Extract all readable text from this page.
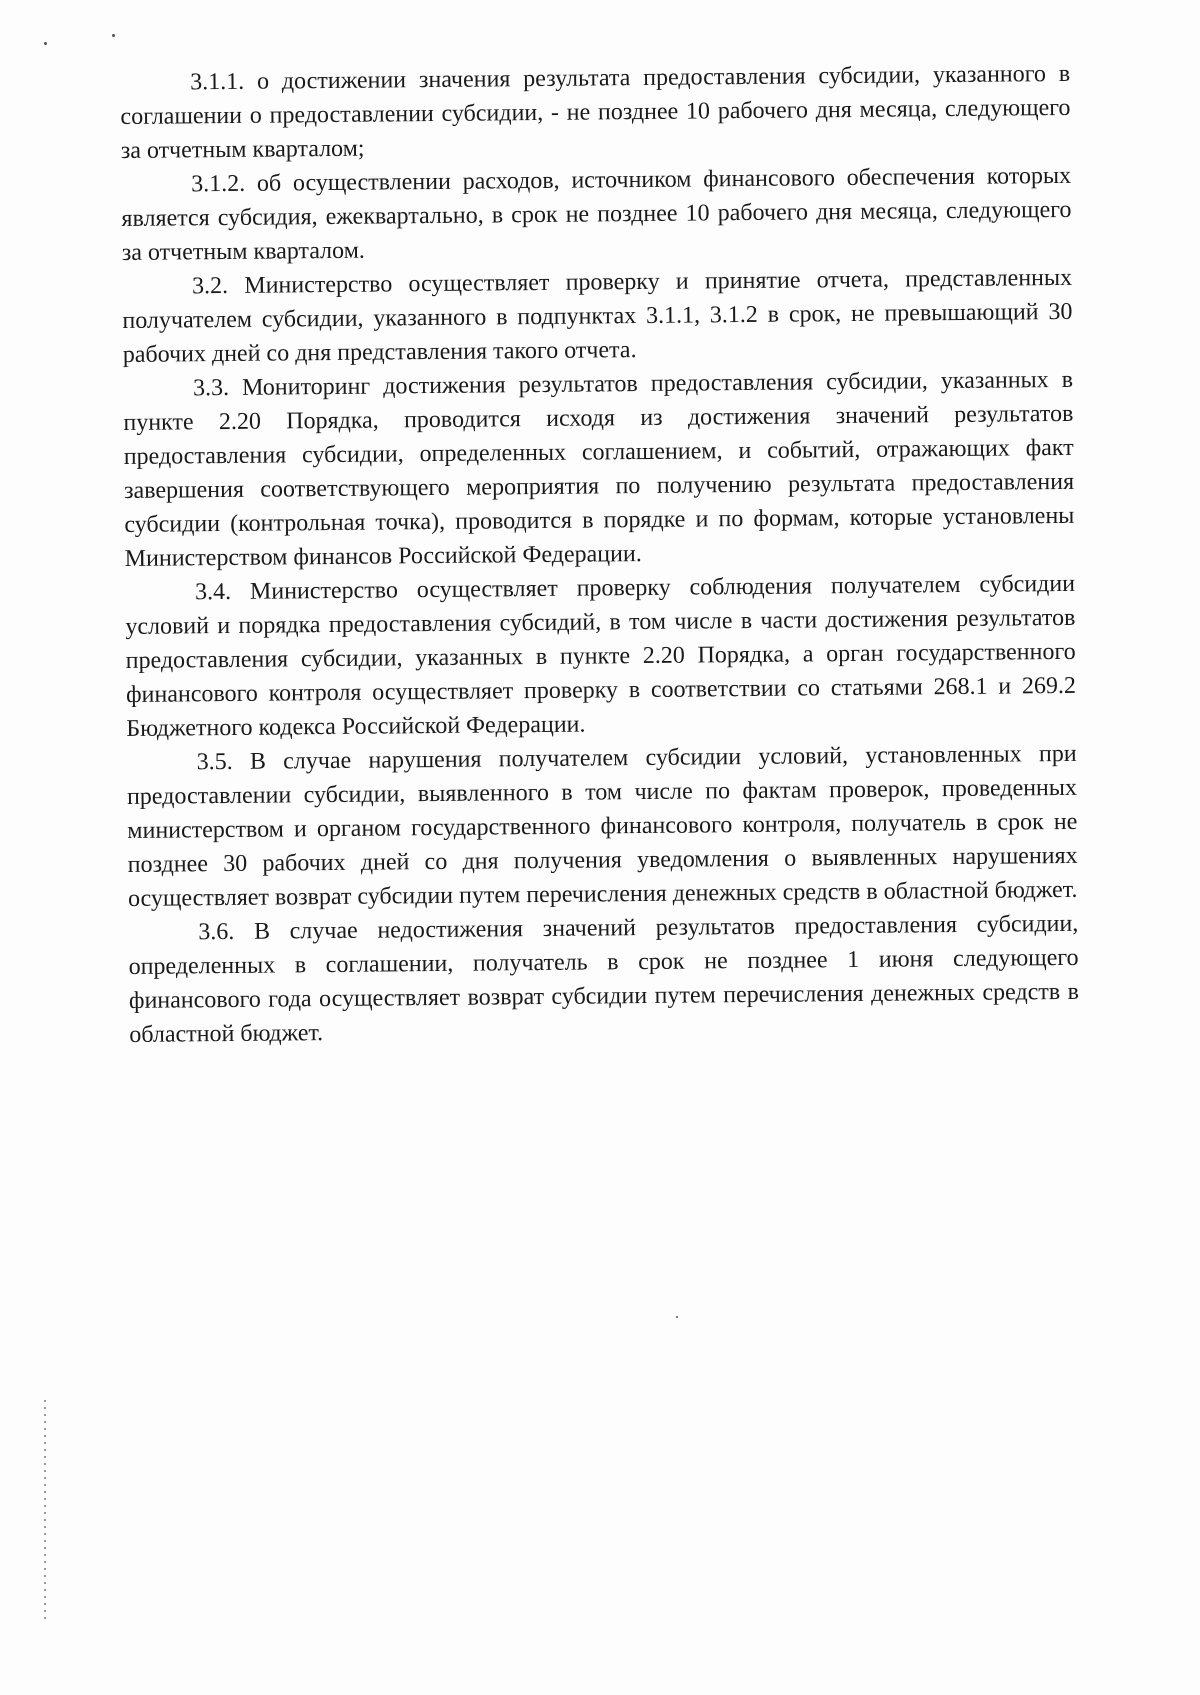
3.1.1. о достижении значения результата предоставления субсидии, указанного в соглашении о предоставлении субсидии, - не позднее 10 рабочего дня месяца, следующего за отчетным кварталом;

3.1.2. об осуществлении расходов, источником финансового обеспечения которых является субсидия, ежеквартально, в срок не позднее 10 рабочего дня месяца, следующего за отчетным кварталом.

3.2. Министерство осуществляет проверку и принятие отчета, представленных получателем субсидии, указанного в подпунктах 3.1.1, 3.1.2 в срок, не превышающий 30 рабочих дней со дня представления такого отчета.

3.3. Мониторинг достижения результатов предоставления субсидии, указанных в пункте 2.20 Порядка, проводится исходя из достижения значений результатов предоставления субсидии, определенных соглашением, и событий, отражающих факт завершения соответствующего мероприятия по получению результата предоставления субсидии (контрольная точка), проводится в порядке и по формам, которые установлены Министерством финансов Российской Федерации.

3.4. Министерство осуществляет проверку соблюдения получателем субсидии условий и порядка предоставления субсидий, в том числе в части достижения результатов предоставления субсидии, указанных в пункте 2.20 Порядка, а орган государственного финансового контроля осуществляет проверку в соответствии со статьями 268.1 и 269.2 Бюджетного кодекса Российской Федерации.

3.5. В случае нарушения получателем субсидии условий, установленных при предоставлении субсидии, выявленного в том числе по фактам проверок, проведенных министерством и органом государственного финансового контроля, получатель в срок не позднее 30 рабочих дней со дня получения уведомления о выявленных нарушениях осуществляет возврат субсидии путем перечисления денежных средств в областной бюджет.

3.6. В случае недостижения значений результатов предоставления субсидии, определенных в соглашении, получатель в срок не позднее 1 июня следующего финансового года осуществляет возврат субсидии путем перечисления денежных средств в областной бюджет.
